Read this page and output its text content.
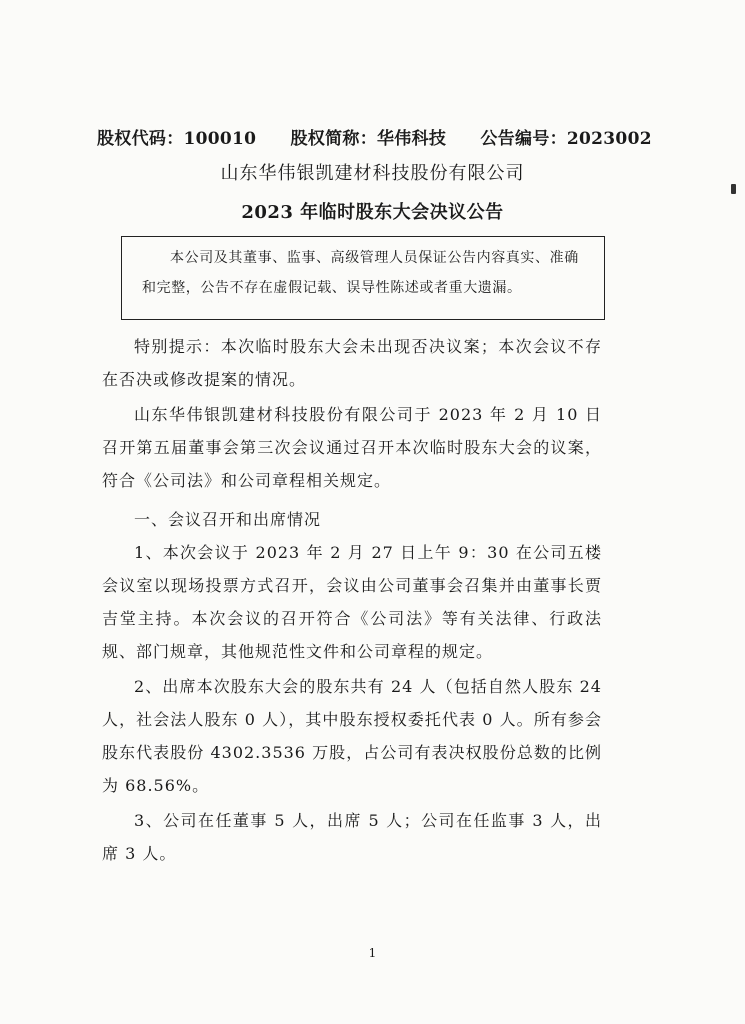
股权代码：100010 股权简称：华伟科技 公告编号：2023002
山东华伟银凯建材科技股份有限公司
2023 年临时股东大会决议公告
本公司及其董事、监事、高级管理人员保证公告内容真实、准确和完整，公告不存在虚假记载、误导性陈述或者重大遗漏。

特别提示：本次临时股东大会未出现否决议案；本次会议不存在否决或修改提案的情况。

山东华伟银凯建材科技股份有限公司于 2023 年 2 月 10 日召开第五届董事会第三次会议通过召开本次临时股东大会的议案，符合《公司法》和公司章程相关规定。

一、会议召开和出席情况

1、本次会议于 2023 年 2 月 27 日上午 9：30 在公司五楼会议室以现场投票方式召开，会议由公司董事会召集并由董事长贾吉堂主持。本次会议的召开符合《公司法》等有关法律、行政法规、部门规章，其他规范性文件和公司章程的规定。

2、出席本次股东大会的股东共有 24 人（包括自然人股东 24 人，社会法人股东 0 人），其中股东授权委托代表 0 人。所有参会股东代表股份 4302.3536 万股，占公司有表决权股份总数的比例为 68.56%。

3、公司在任董事 5 人，出席 5 人；公司在任监事 3 人，出席 3 人。

1
